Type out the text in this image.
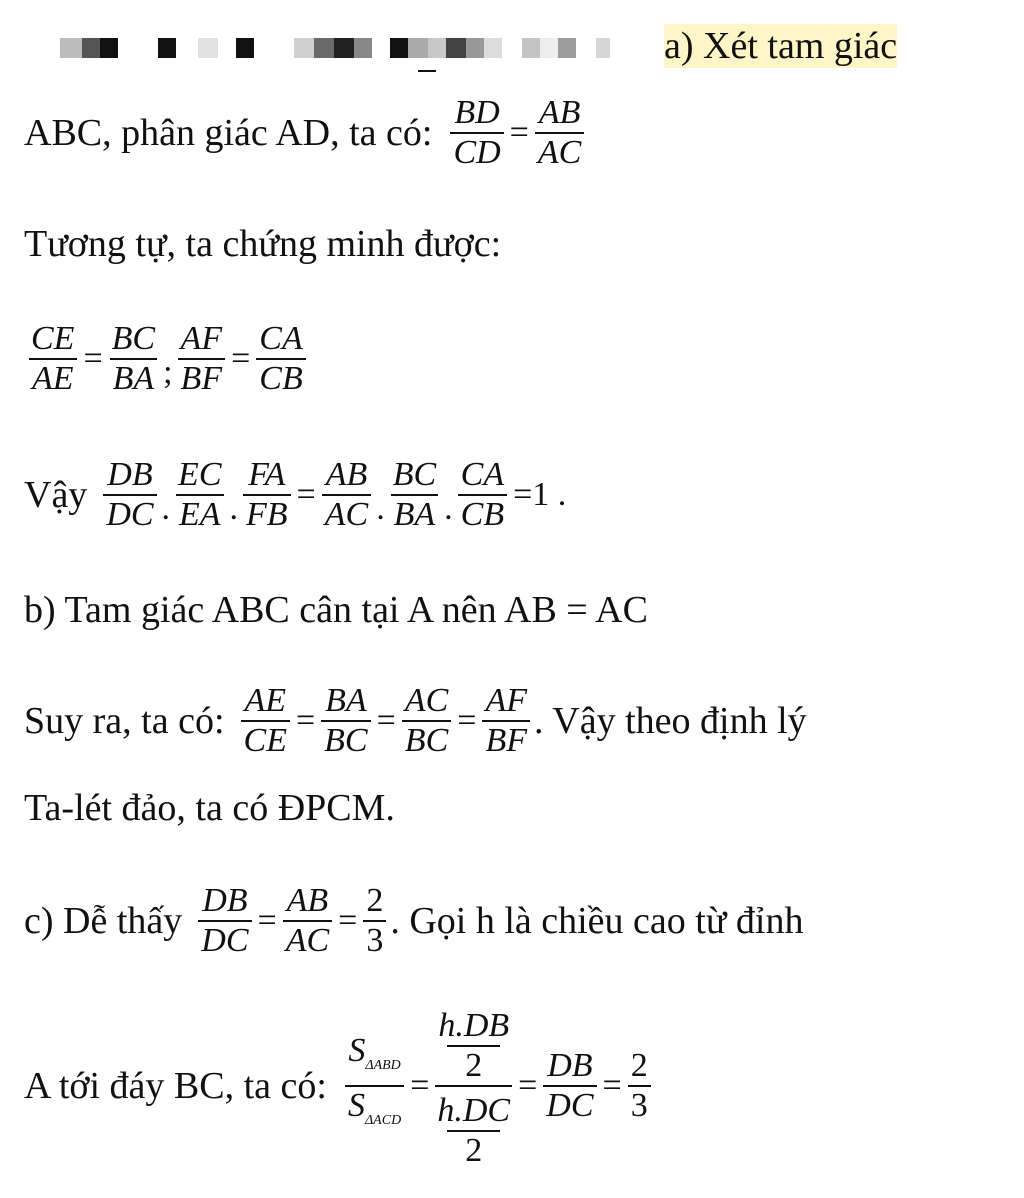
a) Xét tam giác
ABC, phân giác AD, ta có: $\frac{BD}{CD} = \frac{AB}{AC}$
Tương tự, ta chứng minh được:
$\frac{CE}{AE} = \frac{BC}{BA}$ ; $\frac{AF}{BF} = \frac{CA}{CB}$
Vậy $\frac{DB}{DC}$ . $\frac{EC}{EA}$ . $\frac{FA}{FB} = \frac{AB}{AC}$ . $\frac{BC}{BA}$ . $\frac{CA}{CB} =1$ .
b) Tam giác ABC cân tại A nên AB = AC
Suy ra, ta có: $\frac{AE}{CE} = \frac{BA}{BC} = \frac{AC}{BC} = \frac{AF}{BF}$ . Vậy theo định lý
Ta-lét đảo, ta có ĐPCM.
c) Dễ thấy $\frac{DB}{DC} = \frac{AB}{AC} = \frac{2}{3}$ . Gọi h là chiều cao từ đỉnh
A tới đáy BC, ta có: $\frac{S_{\Delta ABD}}{S_{\Delta ACD}} = \frac{\frac{h.DB}{2}}{\frac{h.DC}{2}} = \frac{DB}{DC} = \frac{2}{3}$
